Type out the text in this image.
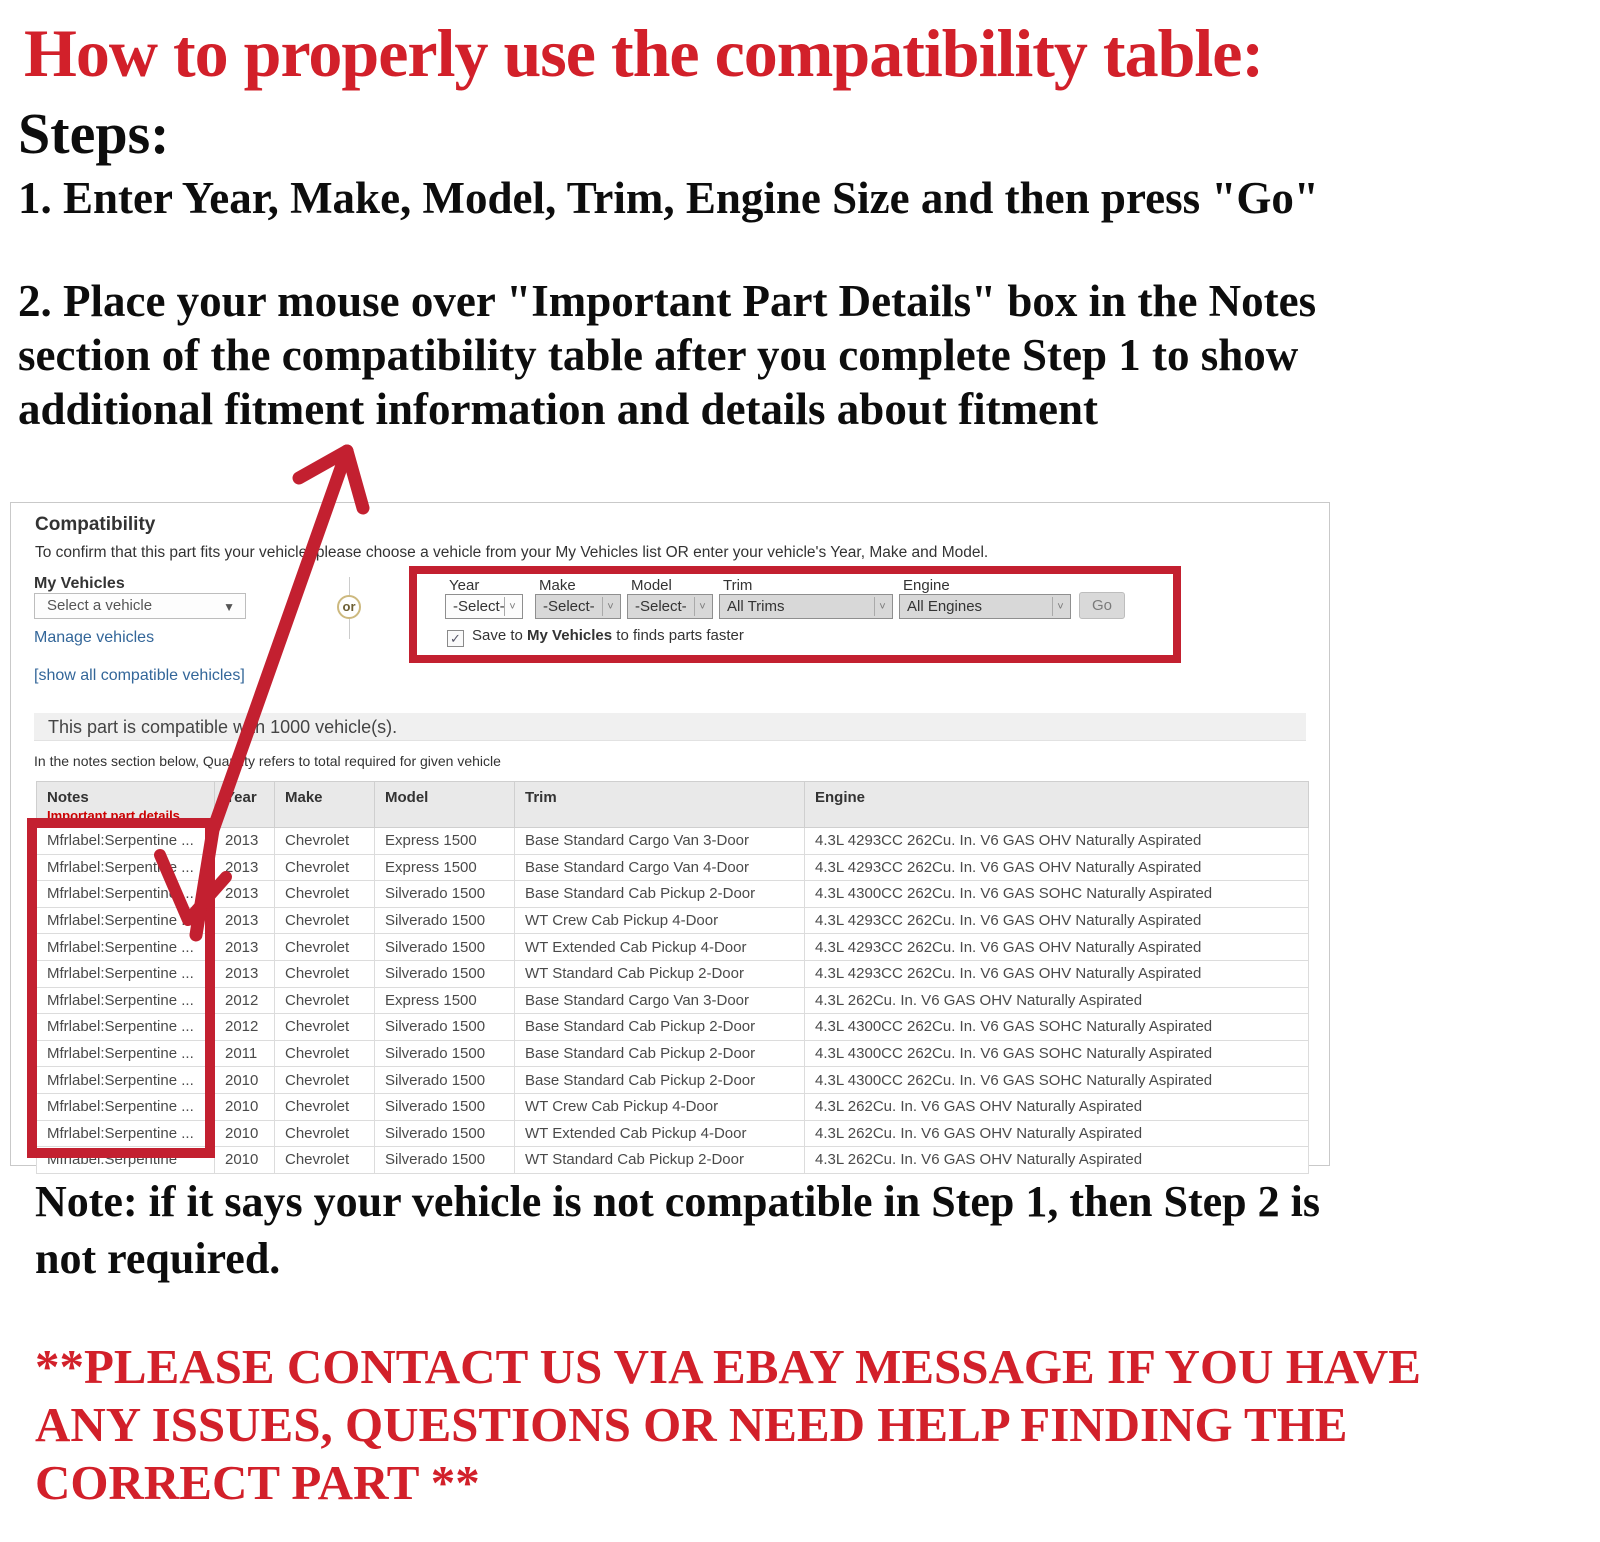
How to properly use the compatibility table:
Steps:
1. Enter Year, Make, Model, Trim, Engine Size and then press "Go"
2. Place your mouse over "Important Part Details" box in the Notes
section of the compatibility table after you complete Step 1 to show
additional fitment information and details about fitment
Compatibility
To confirm that this part fits your vehicle, please choose a vehicle from your My Vehicles list OR enter your vehicle's Year, Make and Model.
My Vehicles
Select a vehicle	▼
Manage vehicles
[show all compatible vehicles]
or
Year	Make	Model	Trim	Engine
-Select- ˅	-Select-	˅	-Select-	˅	All Trims	˅	All Engines	˅	Go
✓ Save to My Vehicles to finds parts faster
This part is compatible with 1000 vehicle(s).
In the notes section below, Quantity refers to total required for given vehicle
Notes
Important part details	Year	Make	Model	Trim	Engine
Mfrlabel:Serpentine ...	2013	Chevrolet	Express 1500	Base Standard Cargo Van 3-Door	4.3L 4293CC 262Cu. In. V6 GAS OHV Naturally Aspirated
Mfrlabel:Serpentine ...	2013	Chevrolet	Express 1500	Base Standard Cargo Van 4-Door	4.3L 4293CC 262Cu. In. V6 GAS OHV Naturally Aspirated
Mfrlabel:Serpentine ...	2013	Chevrolet	Silverado 1500	Base Standard Cab Pickup 2-Door	4.3L 4300CC 262Cu. In. V6 GAS SOHC Naturally Aspirated
Mfrlabel:Serpentine ...	2013	Chevrolet	Silverado 1500	WT Crew Cab Pickup 4-Door	4.3L 4293CC 262Cu. In. V6 GAS OHV Naturally Aspirated
Mfrlabel:Serpentine ...	2013	Chevrolet	Silverado 1500	WT Extended Cab Pickup 4-Door	4.3L 4293CC 262Cu. In. V6 GAS OHV Naturally Aspirated
Mfrlabel:Serpentine ...	2013	Chevrolet	Silverado 1500	WT Standard Cab Pickup 2-Door	4.3L 4293CC 262Cu. In. V6 GAS OHV Naturally Aspirated
Mfrlabel:Serpentine ...	2012	Chevrolet	Express 1500	Base Standard Cargo Van 3-Door	4.3L 262Cu. In. V6 GAS OHV Naturally Aspirated
Mfrlabel:Serpentine ...	2012	Chevrolet	Silverado 1500	Base Standard Cab Pickup 2-Door	4.3L 4300CC 262Cu. In. V6 GAS SOHC Naturally Aspirated
Mfrlabel:Serpentine ...	2011	Chevrolet	Silverado 1500	Base Standard Cab Pickup 2-Door	4.3L 4300CC 262Cu. In. V6 GAS SOHC Naturally Aspirated
Mfrlabel:Serpentine ...	2010	Chevrolet	Silverado 1500	Base Standard Cab Pickup 2-Door	4.3L 4300CC 262Cu. In. V6 GAS SOHC Naturally Aspirated
Mfrlabel:Serpentine ...	2010	Chevrolet	Silverado 1500	WT Crew Cab Pickup 4-Door	4.3L 262Cu. In. V6 GAS OHV Naturally Aspirated
Mfrlabel:Serpentine ...	2010	Chevrolet	Silverado 1500	WT Extended Cab Pickup 4-Door	4.3L 262Cu. In. V6 GAS OHV Naturally Aspirated
Mfrlabel:Serpentine	2010	Chevrolet	Silverado 1500	WT Standard Cab Pickup 2-Door	4.3L 262Cu. In. V6 GAS OHV Naturally Aspirated
Note: if it says your vehicle is not compatible in Step 1, then Step 2 is
not required.
**PLEASE CONTACT US VIA EBAY MESSAGE IF YOU HAVE
ANY ISSUES, QUESTIONS OR NEED HELP FINDING THE
CORRECT PART **
